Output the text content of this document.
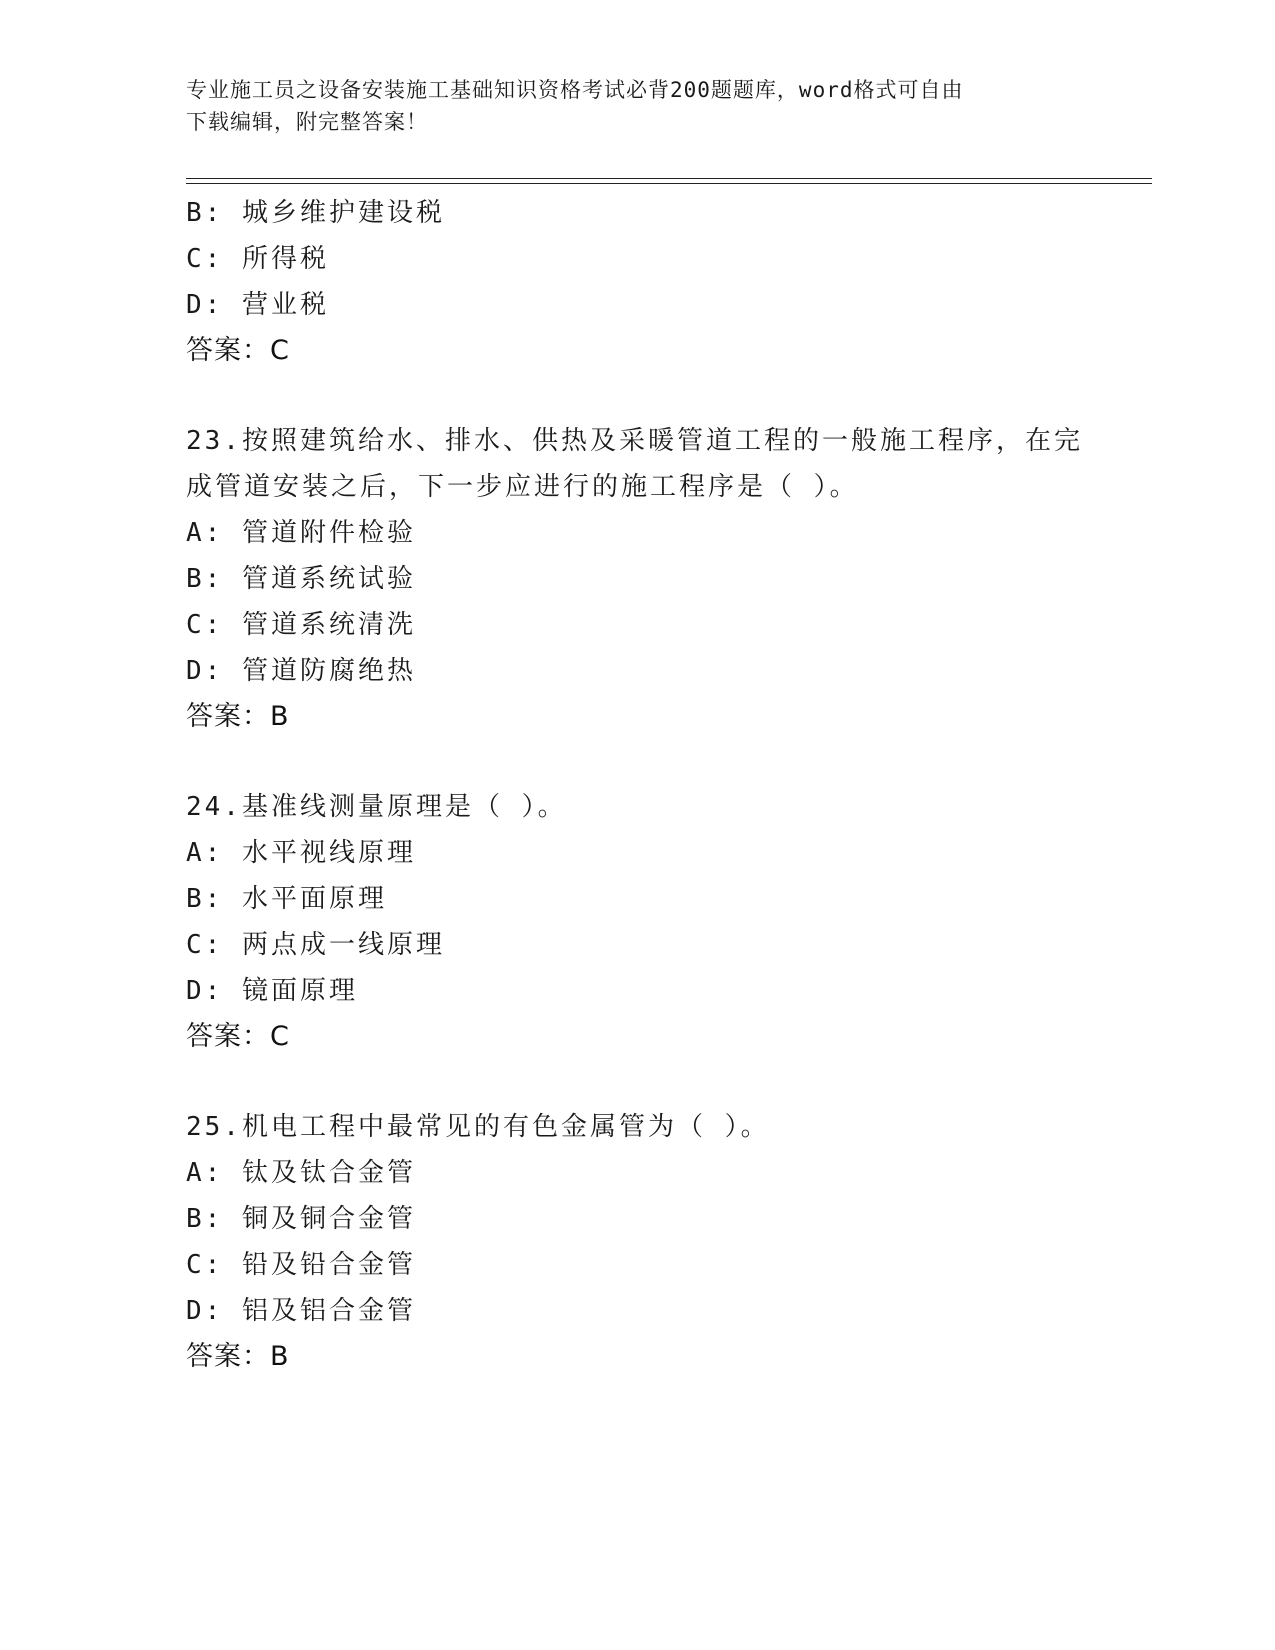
专业施工员之设备安装施工基础知识资格考试必背200题题库，word格式可自由
下载编辑，附完整答案！
B: 城乡维护建设税
C: 所得税
D: 营业税
答案：C
23.按照建筑给水、排水、供热及采暖管道工程的一般施工程序，在完
成管道安装之后，下一步应进行的施工程序是（ ）。
A: 管道附件检验
B: 管道系统试验
C: 管道系统清洗
D: 管道防腐绝热
答案：B
24.基准线测量原理是（ ）。
A: 水平视线原理
B: 水平面原理
C: 两点成一线原理
D: 镜面原理
答案：C
25.机电工程中最常见的有色金属管为（ ）。
A: 钛及钛合金管
B: 铜及铜合金管
C: 铅及铅合金管
D: 铝及铝合金管
答案：B
